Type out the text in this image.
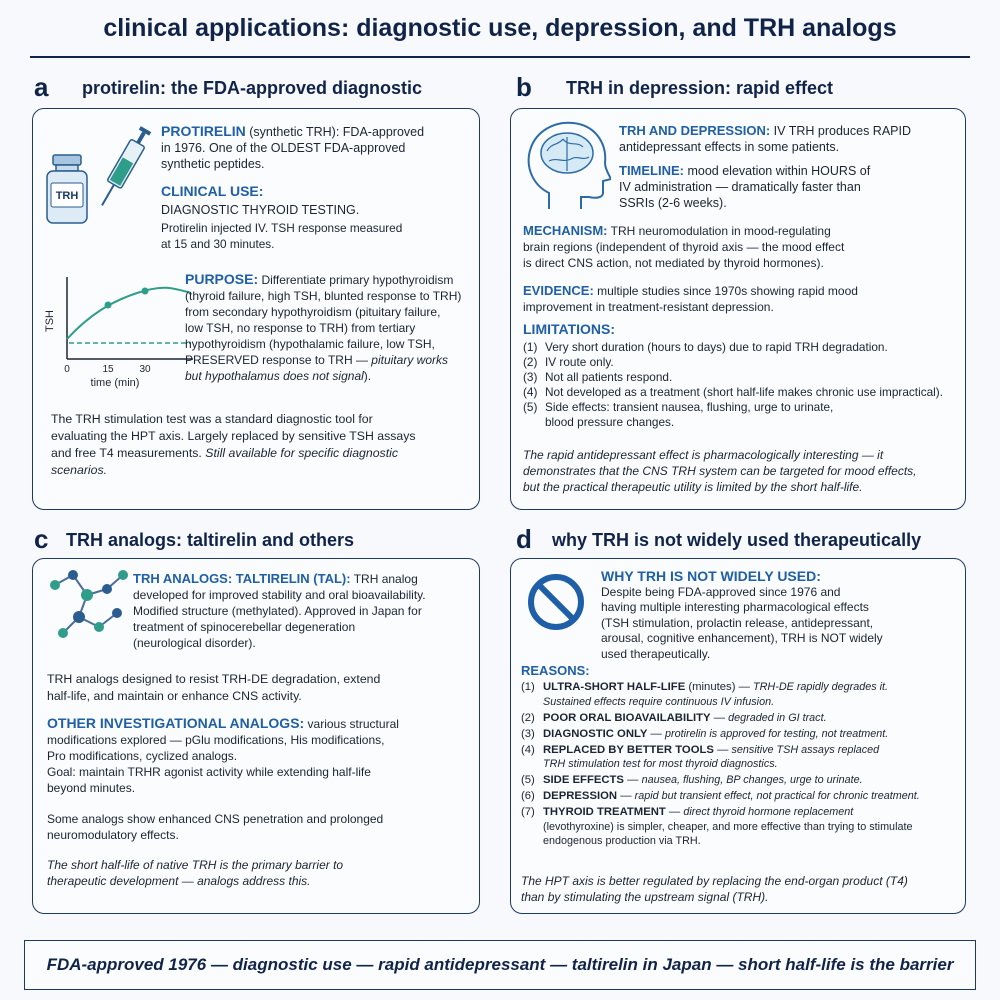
clinical applications: diagnostic use, depression, and TRH analogs
a protirelin: the FDA-approved diagnostic
TRH
PROTIRELIN (synthetic TRH): FDA-approved
in 1976. One of the OLDEST FDA-approved
synthetic peptides.
CLINICAL USE:
DIAGNOSTIC THYROID TESTING.
Protirelin injected IV. TSH response measured
at 15 and 30 minutes.
TSH
0	15	30
time (min)
PURPOSE: Differentiate primary hypothyroidism
(thyroid failure, high TSH, blunted response to TRH)
from secondary hypothyroidism (pituitary failure,
low TSH, no response to TRH) from tertiary
hypothyroidism (hypothalamic failure, low TSH,
PRESERVED response to TRH — pituitary works
but hypothalamus does not signal).
The TRH stimulation test was a standard diagnostic tool for
evaluating the HPT axis. Largely replaced by sensitive TSH assays
and free T4 measurements. Still available for specific diagnostic
scenarios.
b TRH in depression: rapid effect
TRH AND DEPRESSION: IV TRH produces RAPID
antidepressant effects in some patients.
TIMELINE: mood elevation within HOURS of
IV administration — dramatically faster than
SSRIs (2-6 weeks).
MECHANISM: TRH neuromodulation in mood-regulating
brain regions (independent of thyroid axis — the mood effect
is direct CNS action, not mediated by thyroid hormones).
EVIDENCE: multiple studies since 1970s showing rapid mood
improvement in treatment-resistant depression.
LIMITATIONS:
(1) Very short duration (hours to days) due to rapid TRH degradation.
(2) IV route only.
(3) Not all patients respond.
(4) Not developed as a treatment (short half-life makes chronic use impractical).
(5) Side effects: transient nausea, flushing, urge to urinate,
blood pressure changes.
The rapid antidepressant effect is pharmacologically interesting — it
demonstrates that the CNS TRH system can be targeted for mood effects,
but the practical therapeutic utility is limited by the short half-life.
c TRH analogs: taltirelin and others
TRH ANALOGS: TALTIRELIN (TAL): TRH analog
developed for improved stability and oral bioavailability.
Modified structure (methylated). Approved in Japan for
treatment of spinocerebellar degeneration
(neurological disorder).
TRH analogs designed to resist TRH-DE degradation, extend
half-life, and maintain or enhance CNS activity.
OTHER INVESTIGATIONAL ANALOGS: various structural
modifications explored — pGlu modifications, His modifications,
Pro modifications, cyclized analogs.
Goal: maintain TRHR agonist activity while extending half-life
beyond minutes.
Some analogs show enhanced CNS penetration and prolonged
neuromodulatory effects.
The short half-life of native TRH is the primary barrier to
therapeutic development — analogs address this.
d why TRH is not widely used therapeutically
WHY TRH IS NOT WIDELY USED:
Despite being FDA-approved since 1976 and
having multiple interesting pharmacological effects
(TSH stimulation, prolactin release, antidepressant,
arousal, cognitive enhancement), TRH is NOT widely
used therapeutically.
REASONS:
(1) ULTRA-SHORT HALF-LIFE (minutes) — TRH-DE rapidly degrades it.
Sustained effects require continuous IV infusion.
(2) POOR ORAL BIOAVAILABILITY — degraded in GI tract.
(3) DIAGNOSTIC ONLY — protirelin is approved for testing, not treatment.
(4) REPLACED BY BETTER TOOLS — sensitive TSH assays replaced
TRH stimulation test for most thyroid diagnostics.
(5) SIDE EFFECTS — nausea, flushing, BP changes, urge to urinate.
(6) DEPRESSION — rapid but transient effect, not practical for chronic treatment.
(7) THYROID TREATMENT — direct thyroid hormone replacement
(levothyroxine) is simpler, cheaper, and more effective than trying to stimulate endogenous production via TRH.
The HPT axis is better regulated by replacing the end-organ product (T4)
than by stimulating the upstream signal (TRH).
FDA-approved 1976 — diagnostic use — rapid antidepressant — taltirelin in Japan — short half-life is the barrier
